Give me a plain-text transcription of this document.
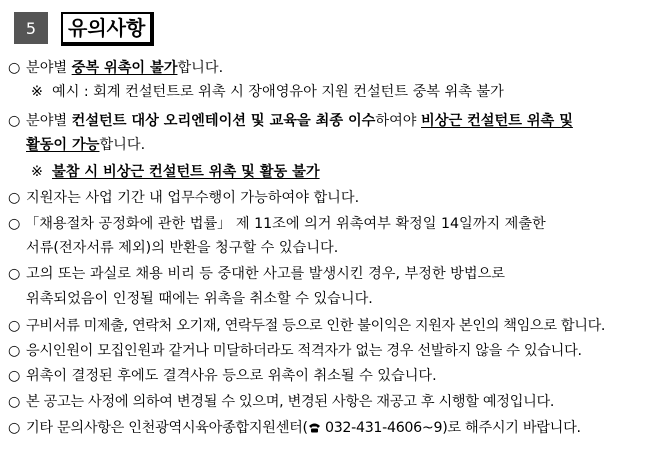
5	유의사항
○ 분야별 중복 위촉이 불가합니다.
※ 예시 : 회계 컨설턴트로 위촉 시 장애영유아 지원 컨설턴트 중복 위촉 불가
○ 분야별 컨설턴트 대상 오리엔테이션 및 교육을 최종 이수하여야 비상근 컨설턴트 위촉 및
활동이 가능합니다.
※ 불참 시 비상근 컨설턴트 위촉 및 활동 불가
○ 지원자는 사업 기간 내 업무수행이 가능하여야 합니다.
○ 「채용절차 공정화에 관한 법률」 제 11조에 의거 위촉여부 확정일 14일까지 제출한
서류(전자서류 제외)의 반환을 청구할 수 있습니다.
○ 고의 또는 과실로 채용 비리 등 중대한 사고를 발생시킨 경우, 부정한 방법으로
위촉되었음이 인정될 때에는 위촉을 취소할 수 있습니다.
○ 구비서류 미제출, 연락처 오기재, 연락두절 등으로 인한 불이익은 지원자 본인의 책임으로 합니다.
○ 응시인원이 모집인원과 같거나 미달하더라도 적격자가 없는 경우 선발하지 않을 수 있습니다.
○ 위촉이 결정된 후에도 결격사유 등으로 위촉이 취소될 수 있습니다.
○ 본 공고는 사정에 의하여 변경될 수 있으며, 변경된 사항은 재공고 후 시행할 예정입니다.
○ 기타 문의사항은 인천광역시육아종합지원센터( 032-431-4606~9)로 해주시기 바랍니다.
